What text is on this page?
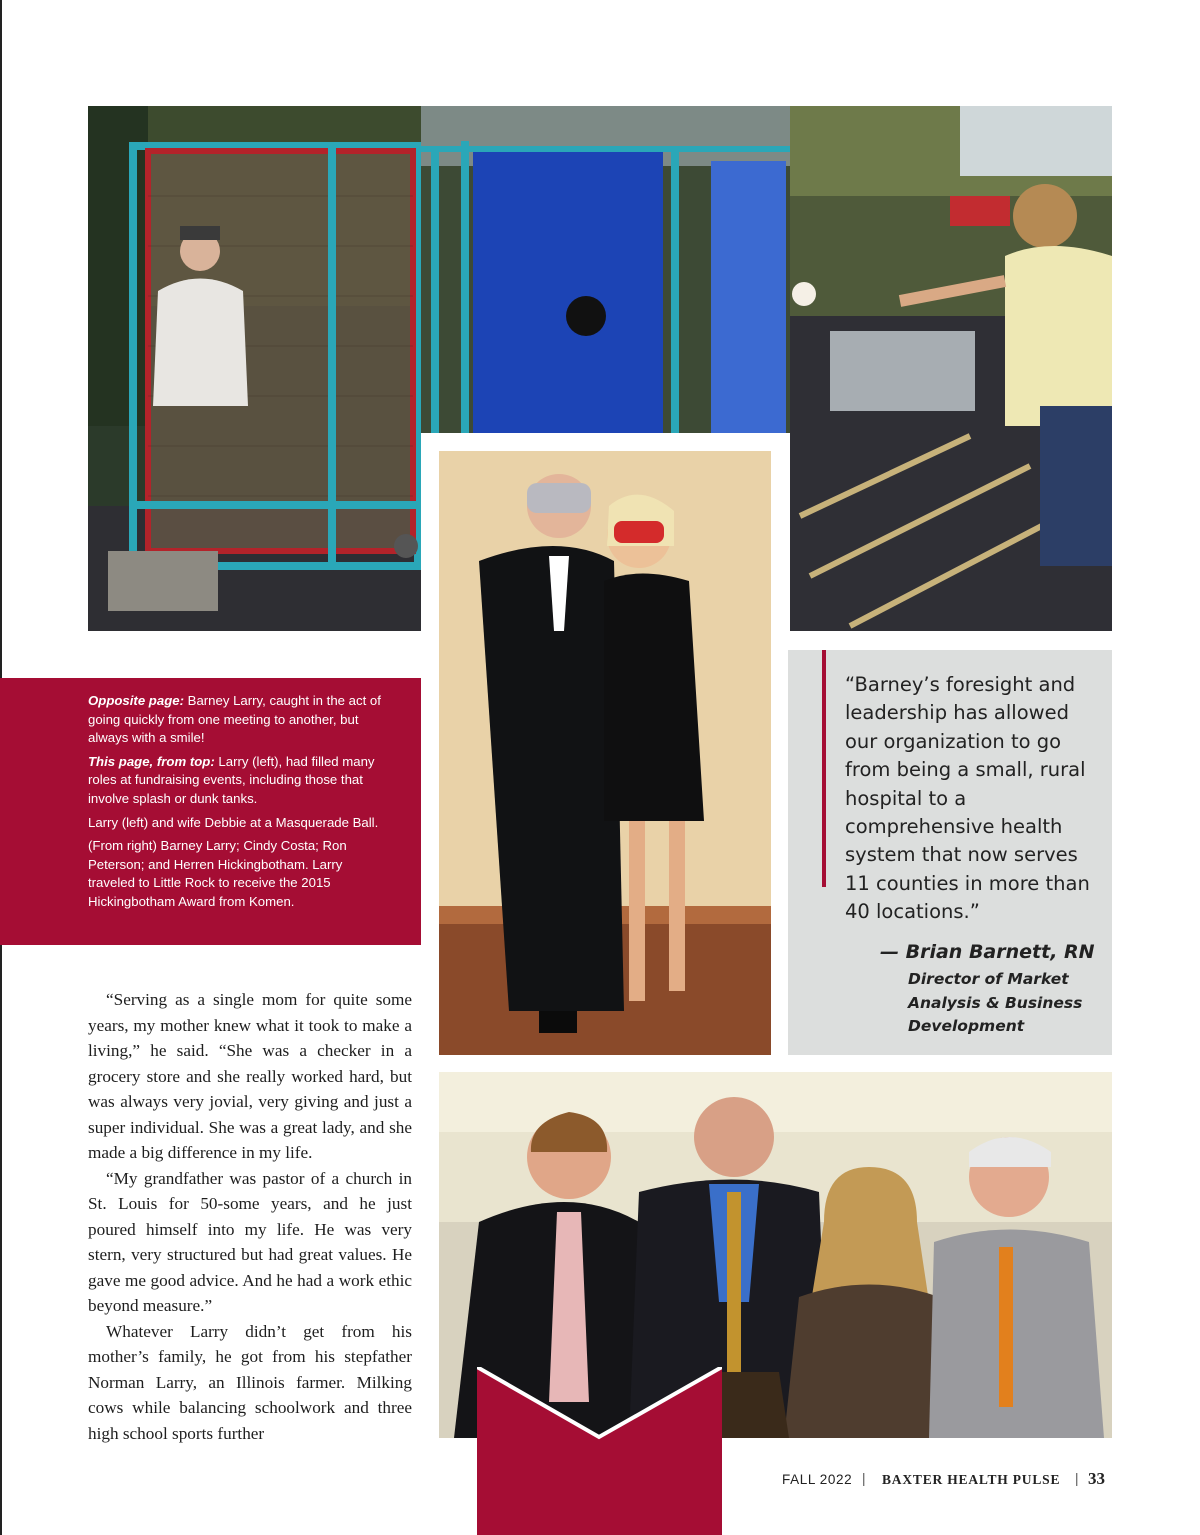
Opposite page: Barney Larry, caught in the act of going quickly from one meeting to another, but always with a smile!

This page, from top: Larry (left), had filled many roles at fundraising events, including those that involve splash or dunk tanks.

Larry (left) and wife Debbie at a Masquerade Ball.

(From right) Barney Larry; Cindy Costa; Ron Peterson; and Herren Hickingbotham. Larry traveled to Little Rock to receive the 2015 Hickingbotham Award from Komen.

“Barney’s foresight and leadership has allowed our organization to go from being a small, rural hospital to a comprehensive health system that now serves 11 counties in more than 40 locations.”
— Brian Barnett, RN
Director of Market Analysis & Business Development

“Serving as a single mom for quite some years, my mother knew what it took to make a living,” he said. “She was a checker in a grocery store and she really worked hard, but was always very jovial, very giving and just a super individual. She was a great lady, and she made a big difference in my life.

“My grandfather was pastor of a church in St. Louis for 50-some years, and he just poured himself into my life. He was very stern, very structured but had great values. He gave me good advice. And he had a work ethic beyond measure.”

Whatever Larry didn’t get from his mother’s family, he got from his stepfather Norman Larry, an Illinois farmer. Milking cows while balancing schoolwork and three high school sports further

FALL 2022 | BAXTER HEALTH PULSE | 33
